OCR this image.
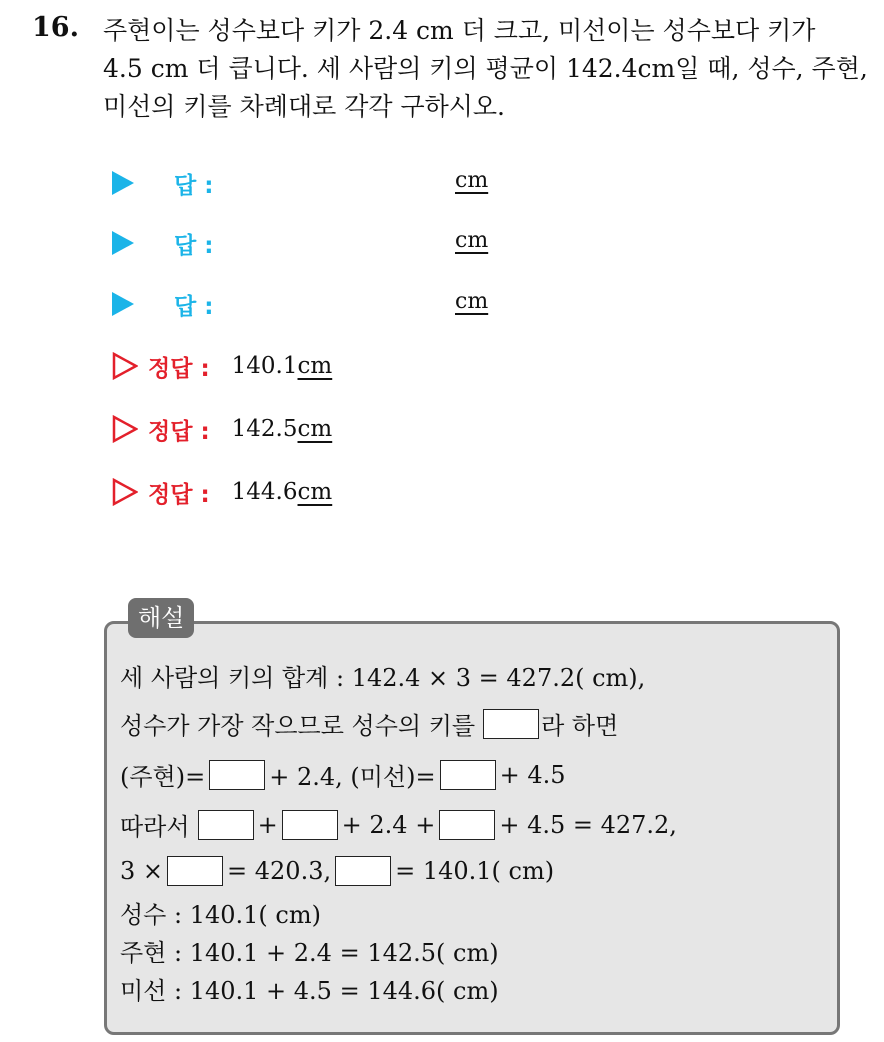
16. 주현이는 성수보다 키가 2.4 cm 더 크고, 미선이는 성수보다 키가

4.5 cm 더 큽니다. 세 사람의 키의 평균이 142.4cm일 때, 성수, 주현,

미선의 키를 차례대로 각각 구하시오.

답 :	cm
답 :	cm
답 :	cm
정답 : 140.1cm
정답 : 142.5cm
정답 : 144.6cm
해설
세 사람의 키의 합계 : 142.4 × 3 = 427.2( cm),
성수가 가장 작으므로 성수의 키를	라 하면
(주현)=	+ 2.4, (미선)=	+ 4.5
따라서	+	+ 2.4 +	+ 4.5 = 427.2,
3 ×	= 420.3,	= 140.1( cm)
성수 : 140.1( cm)
주현 : 140.1 + 2.4 = 142.5( cm)
미선 : 140.1 + 4.5 = 144.6( cm)
